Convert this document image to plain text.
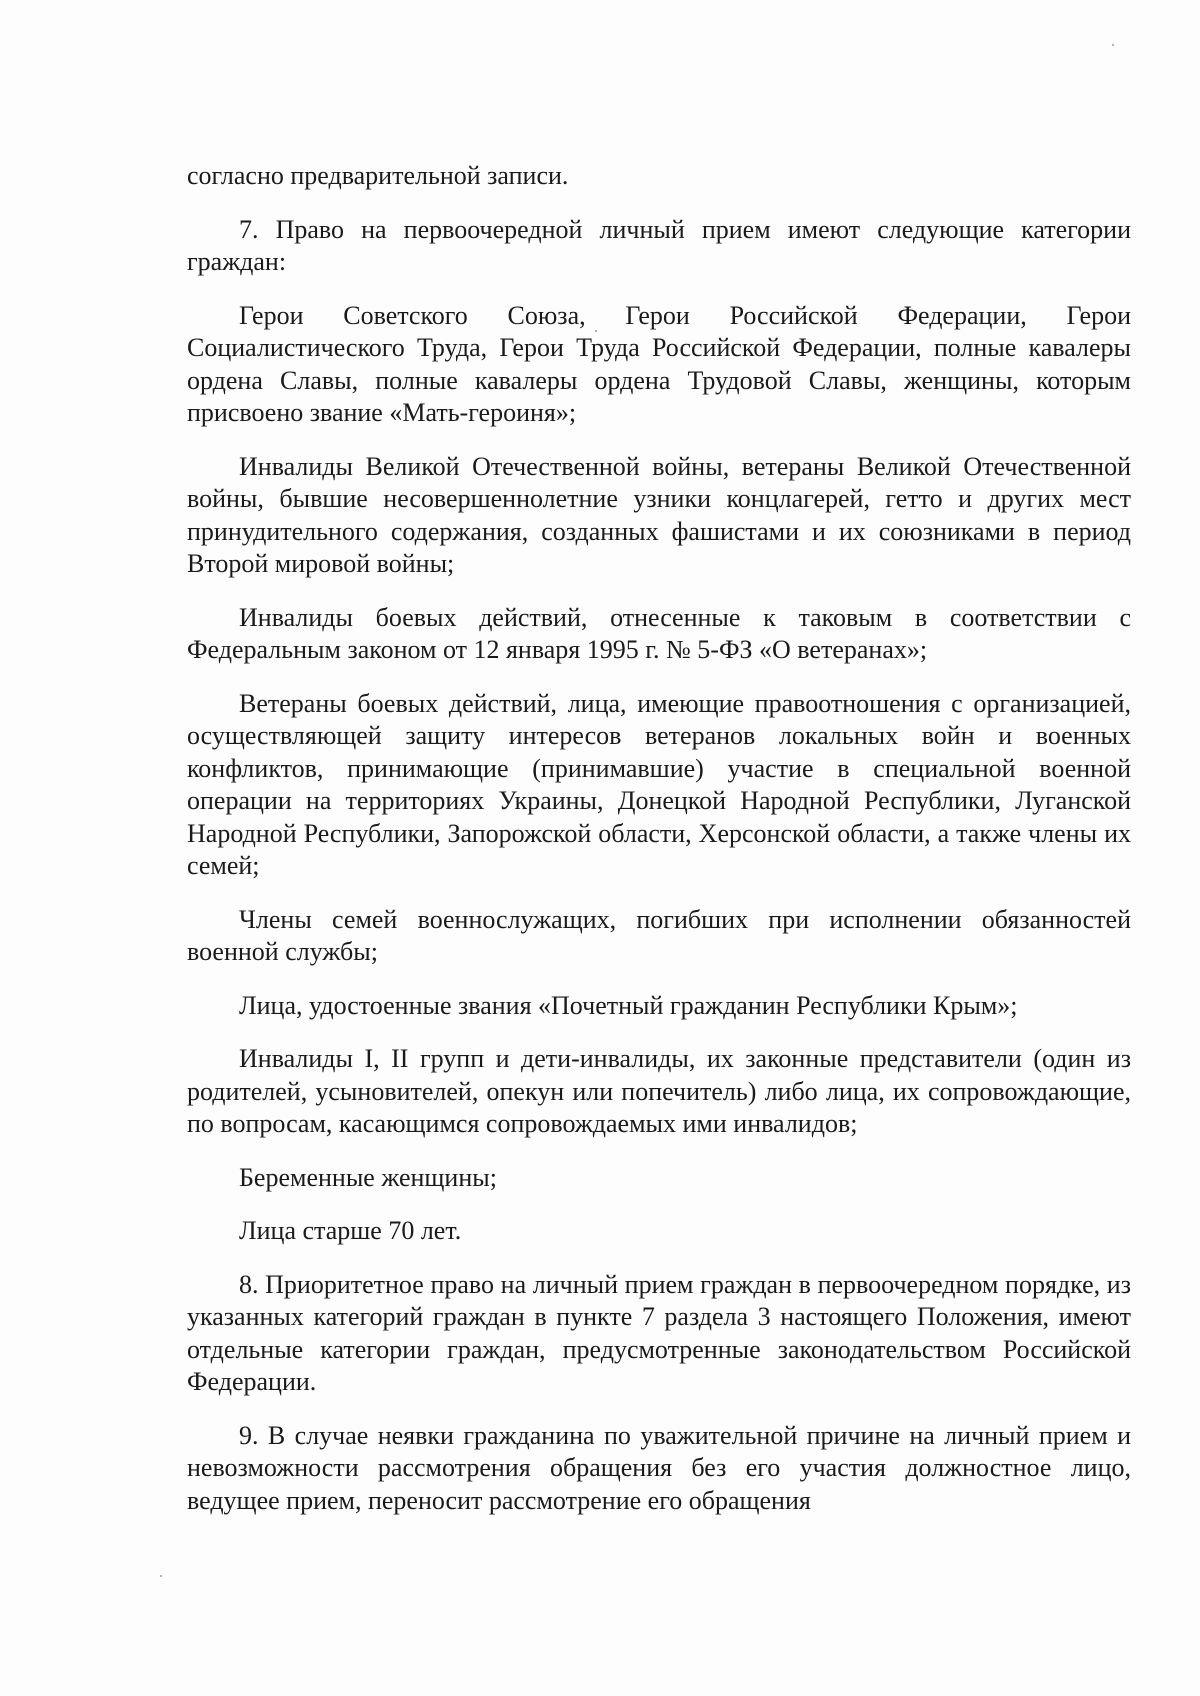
согласно предварительной записи.

7. Право на первоочередной личный прием имеют следующие категории граждан:

Герои Советского Союза, Герои Российской Федерации, Герои Социалистического Труда, Герои Труда Российской Федерации, полные кавалеры ордена Славы, полные кавалеры ордена Трудовой Славы, женщины, которым присвоено звание «Мать-героиня»;

Инвалиды Великой Отечественной войны, ветераны Великой Отечественной войны, бывшие несовершеннолетние узники концлагерей, гетто и других мест принудительного содержания, созданных фашистами и их союзниками в период Второй мировой войны;

Инвалиды боевых действий, отнесенные к таковым в соответствии с Федеральным законом от 12 января 1995 г. № 5-ФЗ «О ветеранах»;

Ветераны боевых действий, лица, имеющие правоотношения с организацией, осуществляющей защиту интересов ветеранов локальных войн и военных конфликтов, принимающие (принимавшие) участие в специальной военной операции на территориях Украины, Донецкой Народной Республики, Луганской Народной Республики, Запорожской области, Херсонской области, а также члены их семей;

Члены семей военнослужащих, погибших при исполнении обязанностей военной службы;

Лица, удостоенные звания «Почетный гражданин Республики Крым»;

Инвалиды I, II групп и дети-инвалиды, их законные представители (один из родителей, усыновителей, опекун или попечитель) либо лица, их сопровождающие, по вопросам, касающимся сопровождаемых ими инвалидов;

Беременные женщины;

Лица старше 70 лет.

8. Приоритетное право на личный прием граждан в первоочередном порядке, из указанных категорий граждан в пункте 7 раздела 3 настоящего Положения, имеют отдельные категории граждан, предусмотренные законодательством Российской Федерации.

9. В случае неявки гражданина по уважительной причине на личный прием и невозможности рассмотрения обращения без его участия должностное лицо, ведущее прием, переносит рассмотрение его обращения
